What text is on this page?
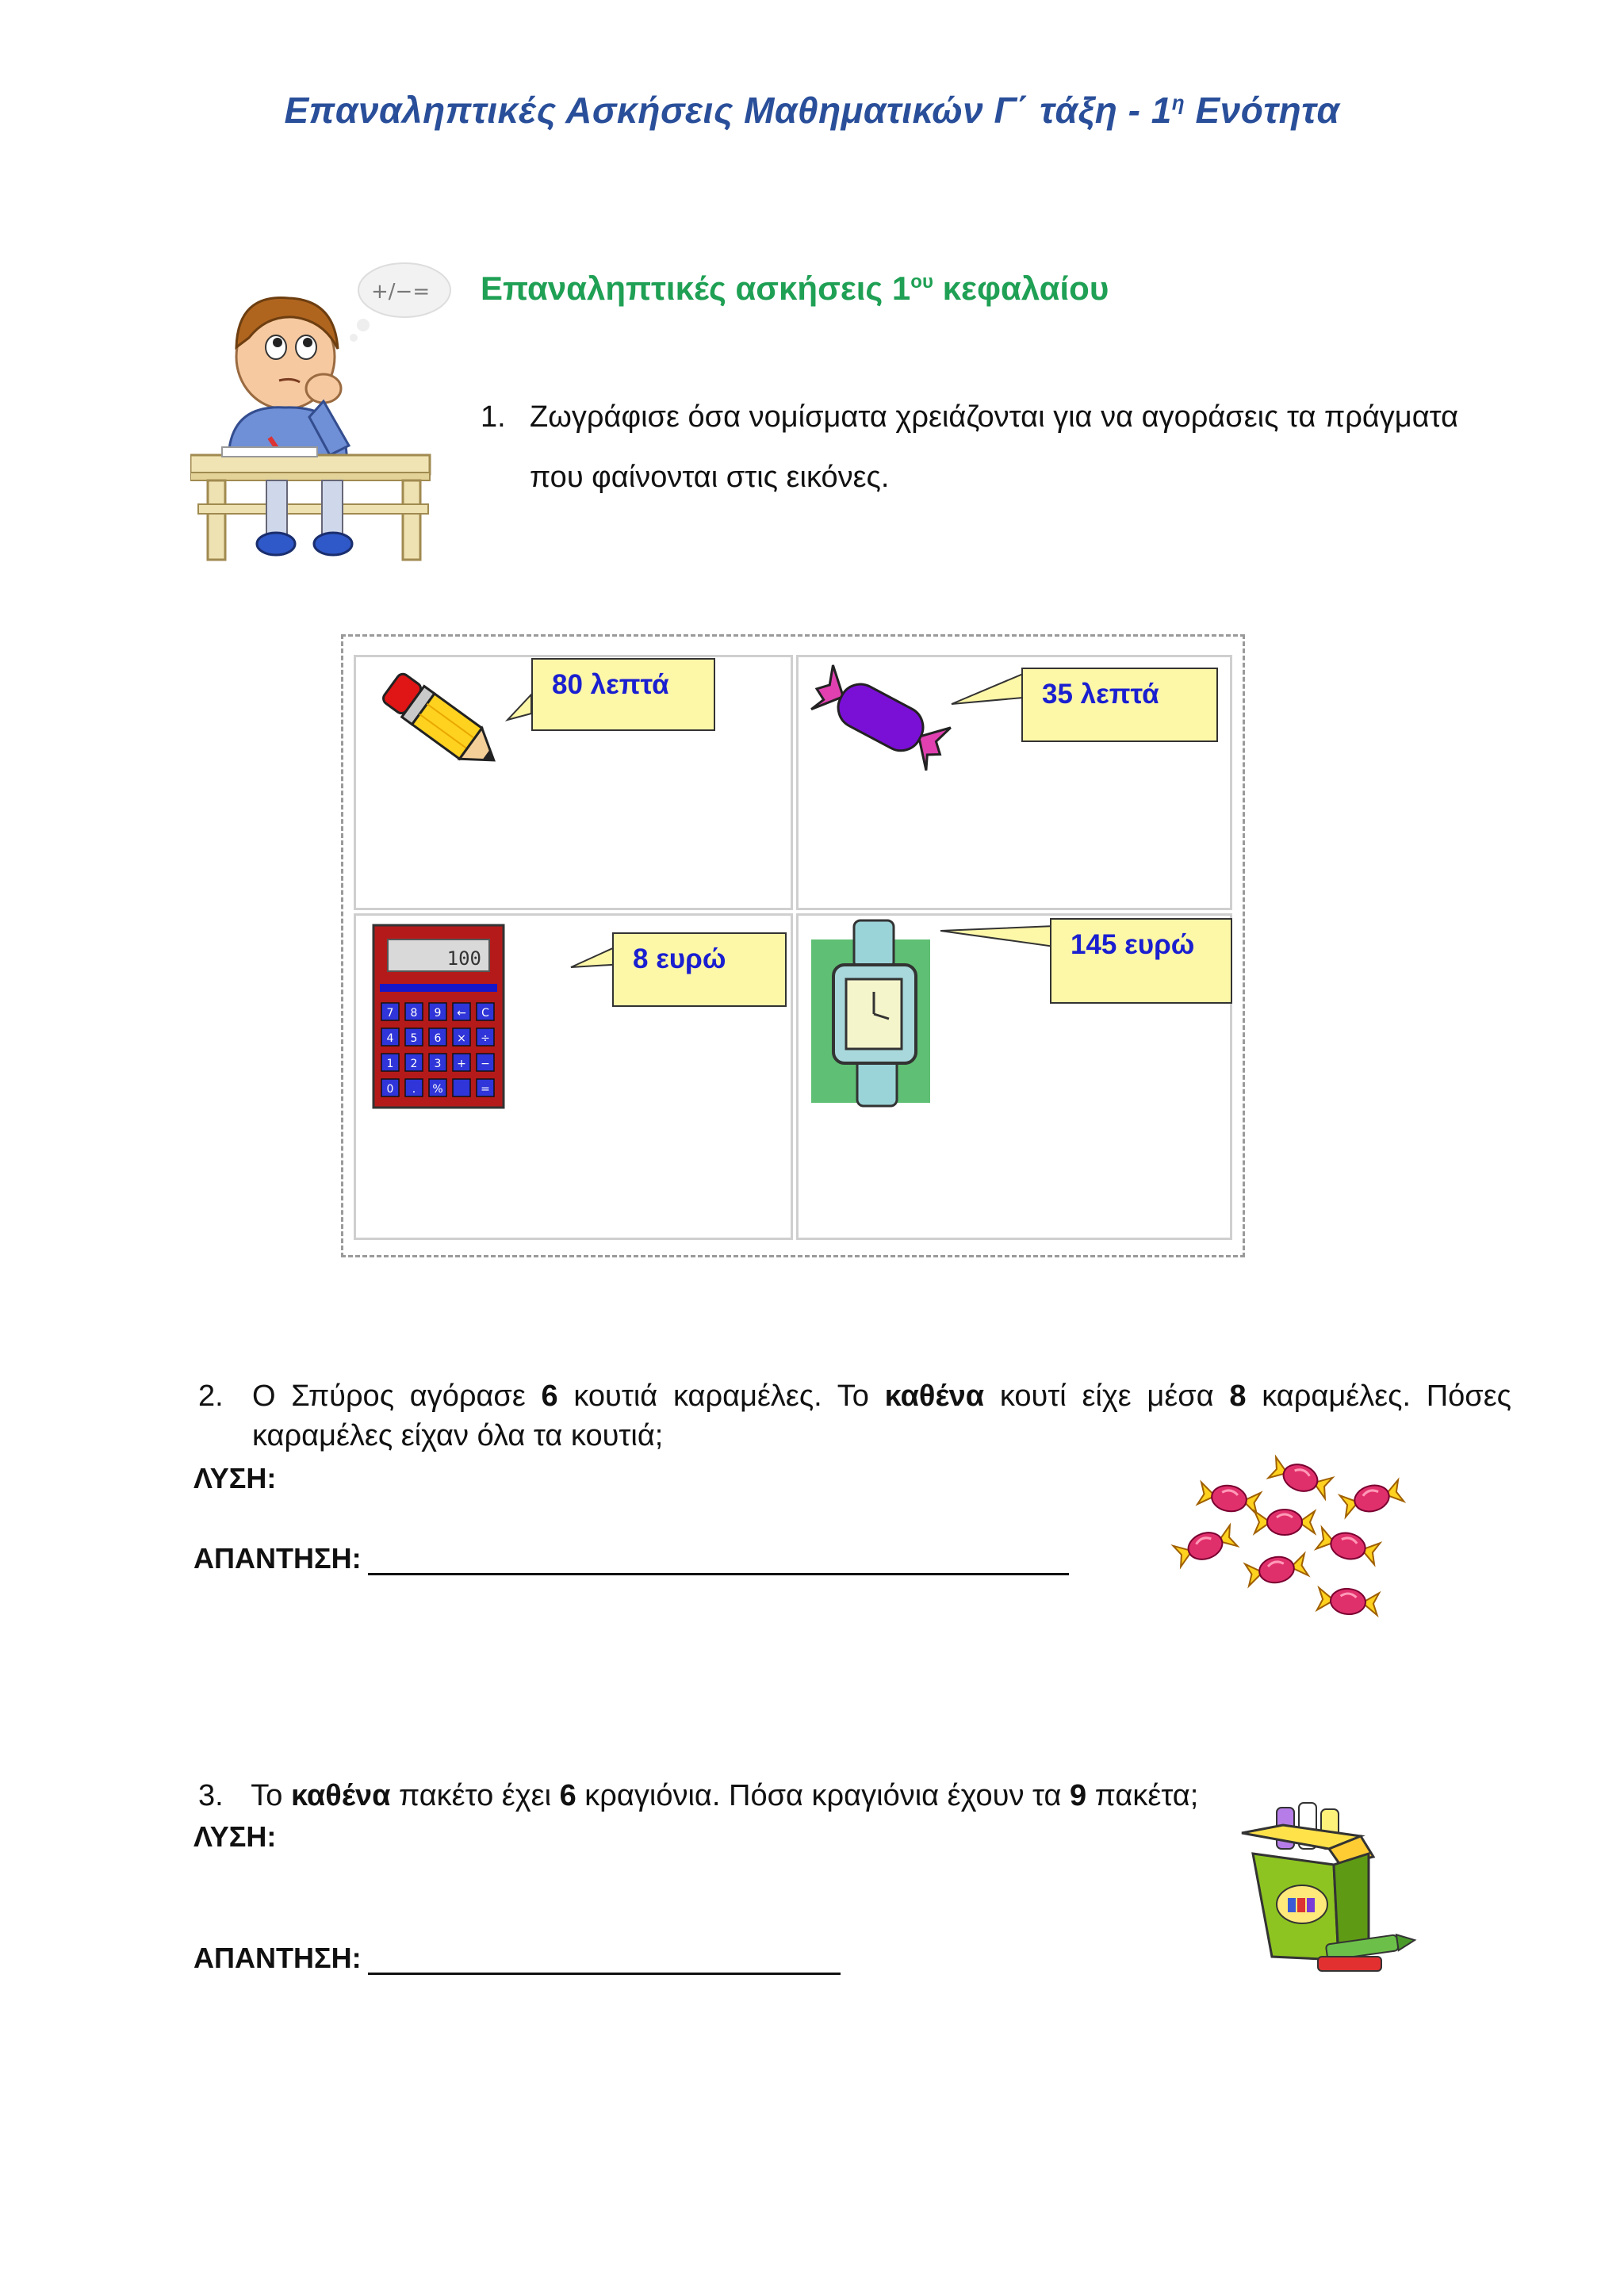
Επαναληπτικές Ασκήσεις Μαθηματικών Γ΄ τάξη - $1^\eta$ Ενότητα
+/−= Επαναληπτικές ασκήσεις $1^{o\upsilon}$ κεφαλαίου
1. Ζωγράφισε όσα νομίσματα χρειάζονται για να αγοράσεις τα πράγματα
που φαίνονται στις εικόνες.
100
7 8 9 ← C
4 5 6 × ÷
1 2 3 + −
0 . %	=
80 λεπτά	35 λεπτά
8 ευρώ	145 ευρώ
2. Ο Σπύρος αγόρασε 6 κουτιά καραμέλες. Το καθένα κουτί είχε μέσα 8 καραμέλες. Πόσες καραμέλες είχαν όλα τα κουτιά;
ΛΥΣΗ:
ΑΠΑΝΤΗΣΗ:
3. Το καθένα πακέτο έχει 6 κραγιόνια. Πόσα κραγιόνια έχουν τα 9 πακέτα;
ΛΥΣΗ:
ΑΠΑΝΤΗΣΗ:
